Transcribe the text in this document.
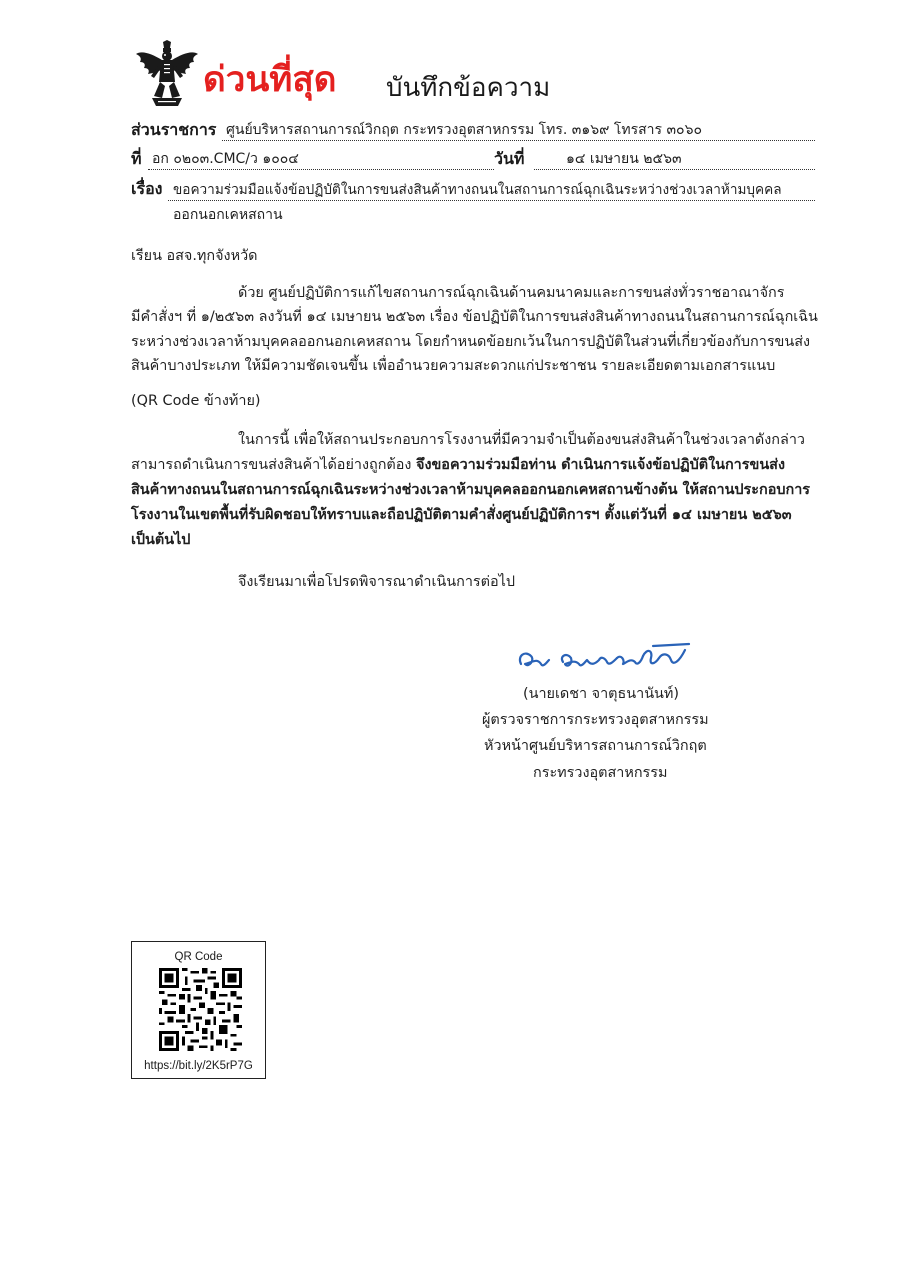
ด่วนที่สุด บันทึกข้อความ
ส่วนราชการ ศูนย์บริหารสถานการณ์วิกฤต กระทรวงอุตสาหกรรม โทร. ๓๑๖๙ โทรสาร ๓๐๖๐
ที่ อก ๐๒๐๓.CMC/ว ๑๐๐๔	วันที่	๑๔ เมษายน ๒๕๖๓
เรื่อง ขอความร่วมมือแจ้งข้อปฏิบัติในการขนส่งสินค้าทางถนนในสถานการณ์ฉุกเฉินระหว่างช่วงเวลาห้ามบุคคล
ออกนอกเคหสถาน
เรียน อสจ.ทุกจังหวัด
ด้วย ศูนย์ปฏิบัติการแก้ไขสถานการณ์ฉุกเฉินด้านคมนาคมและการขนส่งทั่วราชอาณาจักร
มีคำสั่งฯ ที่ ๑/๒๕๖๓ ลงวันที่ ๑๔ เมษายน ๒๕๖๓ เรื่อง ข้อปฏิบัติในการขนส่งสินค้าทางถนนในสถานการณ์ฉุกเฉิน
ระหว่างช่วงเวลาห้ามบุคคลออกนอกเคหสถาน โดยกำหนดข้อยกเว้นในการปฏิบัติในส่วนที่เกี่ยวข้องกับการขนส่ง
สินค้าบางประเภท ให้มีความชัดเจนขึ้น เพื่ออำนวยความสะดวกแก่ประชาชน รายละเอียดตามเอกสารแนบ
(QR Code ข้างท้าย)
ในการนี้ เพื่อให้สถานประกอบการโรงงานที่มีความจำเป็นต้องขนส่งสินค้าในช่วงเวลาดังกล่าว
สามารถดำเนินการขนส่งสินค้าได้อย่างถูกต้อง จึงขอความร่วมมือท่าน ดำเนินการแจ้งข้อปฏิบัติในการขนส่ง
สินค้าทางถนนในสถานการณ์ฉุกเฉินระหว่างช่วงเวลาห้ามบุคคลออกนอกเคหสถานข้างต้น ให้สถานประกอบการ
โรงงานในเขตพื้นที่รับผิดชอบให้ทราบและถือปฏิบัติตามคำสั่งศูนย์ปฏิบัติการฯ ตั้งแต่วันที่ ๑๔ เมษายน ๒๕๖๓
เป็นต้นไป
จึงเรียนมาเพื่อโปรดพิจารณาดำเนินการต่อไป
(นายเดชา จาตุธนานันท์)
ผู้ตรวจราชการกระทรวงอุตสาหกรรม
หัวหน้าศูนย์บริหารสถานการณ์วิกฤต
กระทรวงอุตสาหกรรม
QR Code
https://bit.ly/2K5rP7G
